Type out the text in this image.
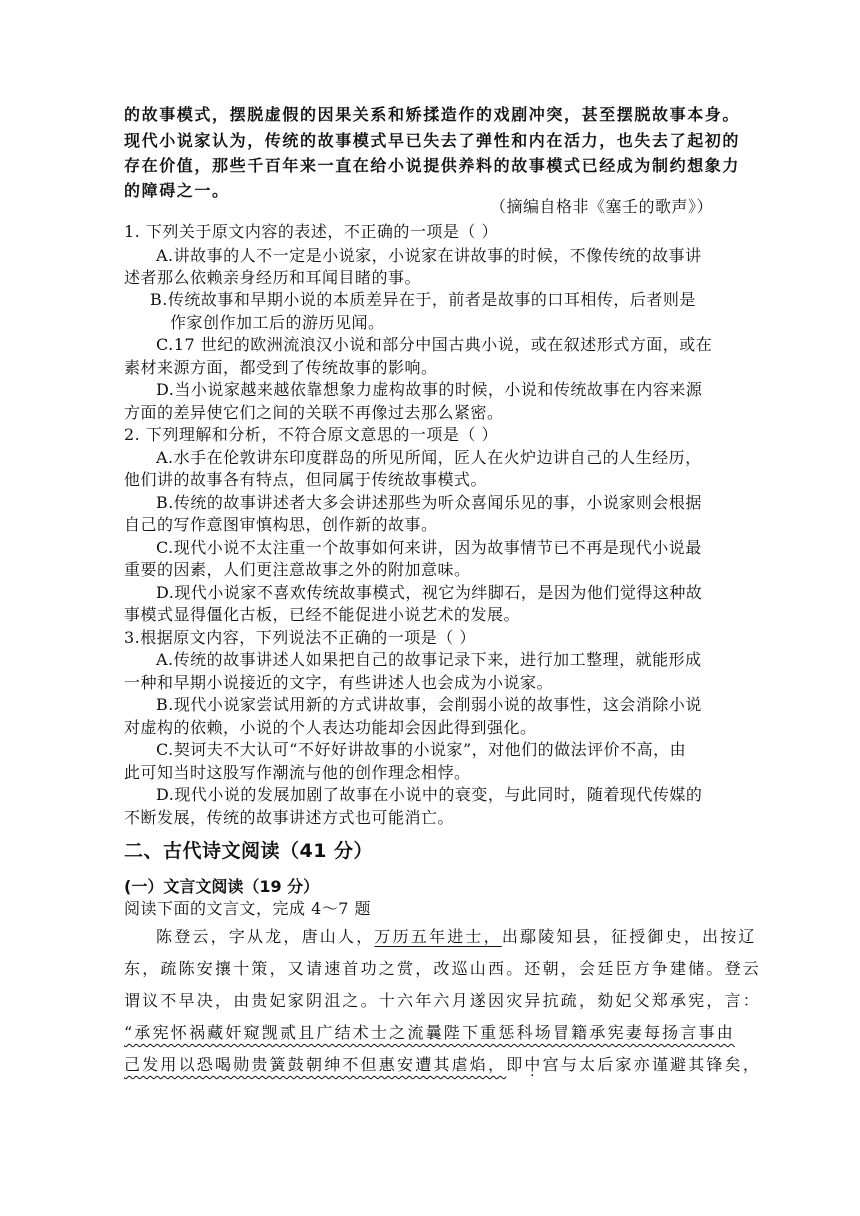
的故事模式，摆脱虚假的因果关系和矫揉造作的戏剧冲突，甚至摆脱故事本身。
现代小说家认为，传统的故事模式早已失去了弹性和内在活力，也失去了起初的
存在价值，那些千百年来一直在给小说提供养料的故事模式已经成为制约想象力
的障碍之一。
（摘编自格非《塞壬的歌声》）
1. 下列关于原文内容的表述，不正确的一项是（ ）
A.讲故事的人不一定是小说家，小说家在讲故事的时候，不像传统的故事讲
述者那么依赖亲身经历和耳闻目睹的事。
B.传统故事和早期小说的本质差异在于，前者是故事的口耳相传，后者则是
作家创作加工后的游历见闻。
C.17 世纪的欧洲流浪汉小说和部分中国古典小说，或在叙述形式方面，或在
素材来源方面，都受到了传统故事的影响。
D.当小说家越来越依靠想象力虚构故事的时候，小说和传统故事在内容来源
方面的差异使它们之间的关联不再像过去那么紧密。
2. 下列理解和分析，不符合原文意思的一项是（ ）
A.水手在伦敦讲东印度群岛的所见所闻，匠人在火炉边讲自己的人生经历，
他们讲的故事各有特点，但同属于传统故事模式。
B.传统的故事讲述者大多会讲述那些为听众喜闻乐见的事，小说家则会根据
自己的写作意图审慎构思，创作新的故事。
C.现代小说不太注重一个故事如何来讲，因为故事情节已不再是现代小说最
重要的因素，人们更注意故事之外的附加意味。
D.现代小说家不喜欢传统故事模式，视它为绊脚石，是因为他们觉得这种故
事模式显得僵化古板，已经不能促进小说艺术的发展。
3.根据原文内容，下列说法不正确的一项是（ ）
A.传统的故事讲述人如果把自己的故事记录下来，进行加工整理，就能形成
一种和早期小说接近的文字，有些讲述人也会成为小说家。
B.现代小说家尝试用新的方式讲故事，会削弱小说的故事性，这会消除小说
对虚构的依赖，小说的个人表达功能却会因此得到强化。
C.契诃夫不大认可“不好好讲故事的小说家”，对他们的做法评价不高，由
此可知当时这股写作潮流与他的创作理念相悖。
D.现代小说的发展加剧了故事在小说中的衰变，与此同时，随着现代传媒的
不断发展，传统的故事讲述方式也可能消亡。
二、古代诗文阅读（41 分）
(一）文言文阅读（19 分）
阅读下面的文言文，完成 4～7 题
陈登云，字从龙，唐山人，万历五年进士，出鄢陵知县，征授御史，出按辽
东，疏陈安攘十策，又请速首功之赏，改巡山西。还朝，会廷臣方争建储。登云
谓议不早决，由贵妃家阴沮之。十六年六月遂因灾异抗疏，劾妃父郑承宪，言：
“承宪怀祸藏奸窥觊贰且广结术士之流曩陛下重惩科场冒籍承宪妻每扬言事由
己发用以恐喝勋贵簧鼓朝绅不但惠安遭其虐焰，即中宫与太后家亦谨避其锋矣，
